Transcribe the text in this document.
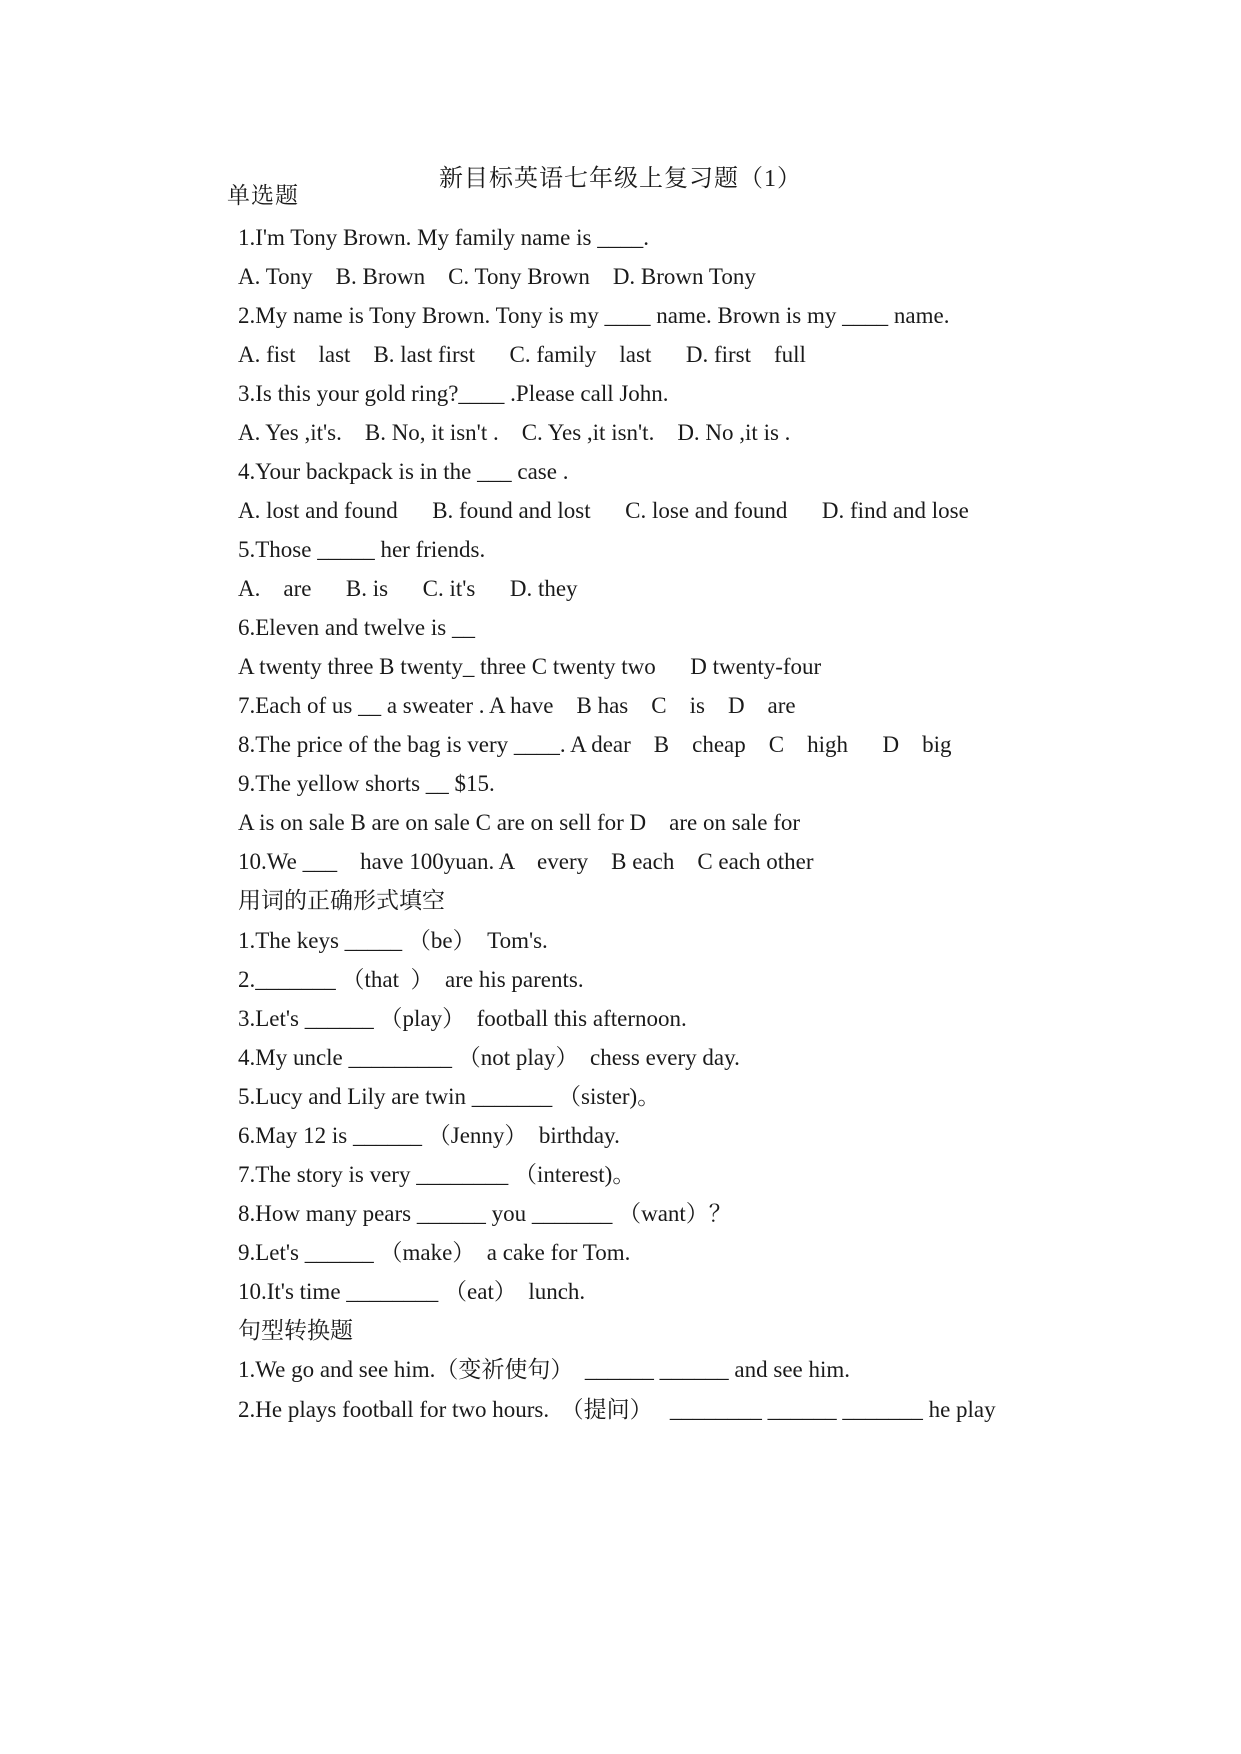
新目标英语七年级上复习题（1）
单选题
1.I'm Tony Brown. My family name is ____.
A. Tony    B. Brown    C. Tony Brown    D. Brown Tony
2.My name is Tony Brown. Tony is my ____ name. Brown is my ____ name.
A. fist    last    B. last first      C. family    last      D. first    full
3.Is this your gold ring?____ .Please call John.
A. Yes ,it's.    B. No, it isn't .    C. Yes ,it isn't.    D. No ,it is .
4.Your backpack is in the ___ case .
A. lost and found      B. found and lost      C. lose and found      D. find and lose
5.Those _____ her friends.
A.    are      B. is      C. it's      D. they
6.Eleven and twelve is __
A twenty three B twenty_ three C twenty two      D twenty-four
7.Each of us __ a sweater . A have    B has    C    is    D    are
8.The price of the bag is very ____. A dear    B    cheap    C    high      D    big
9.The yellow shorts __ $15.
A is on sale B are on sale C are on sell for D    are on sale for
10.We ___    have 100yuan. A    every    B each    C each other
用词的正确形式填空
1.The keys _____ （be）  Tom's.
2._______ （that  ）  are his parents.
3.Let's ______ （play）  football this afternoon.
4.My uncle _________ （not play）  chess every day.
5.Lucy and Lily are twin _______ （sister)。
6.May 12 is ______ （Jenny）  birthday.
7.The story is very ________ （interest)。
8.How many pears ______ you _______ （want）？
9.Let's ______ （make）  a cake for Tom.
10.It's time ________ （eat）  lunch.
句型转换题
1.We go and see him.（变祈使句）  ______ ______ and see him.
2.He plays football for two hours.  （提问）   ________ ______ _______ he play
